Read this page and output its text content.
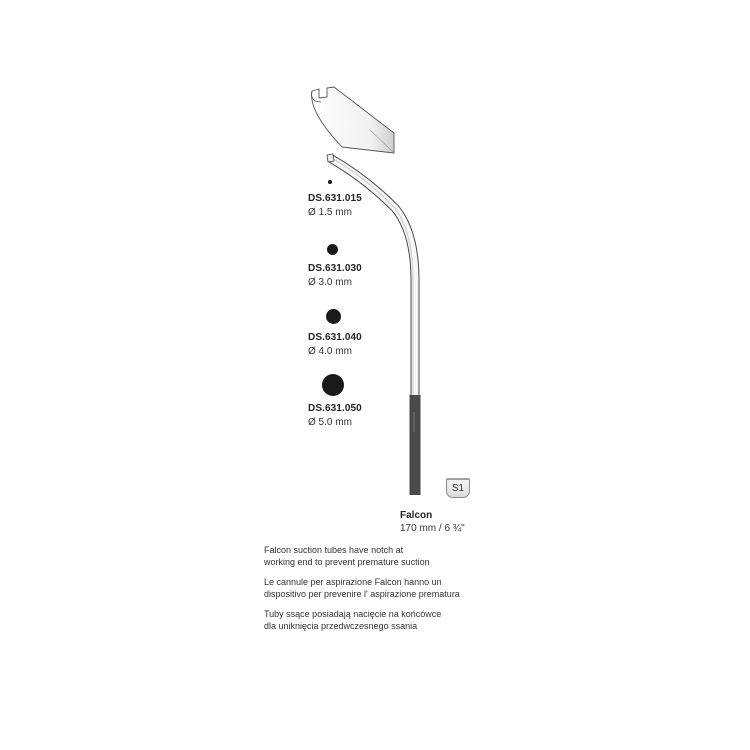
DS.631.015
Ø 1.5 mm
DS.631.030
Ø 3.0 mm
DS.631.040
Ø 4.0 mm
DS.631.050
Ø 5.0 mm
S1
Falcon
170 mm / 6 ¾"

Falcon suction tubes have notch at
working end to prevent premature suction

Le cannule per aspirazione Falcon hanno un
dispositivo per prevenire l' aspirazione prematura

Tuby ssące posiadają nacięcie na końcówce
dla uniknięcia przedwczesnego ssania
